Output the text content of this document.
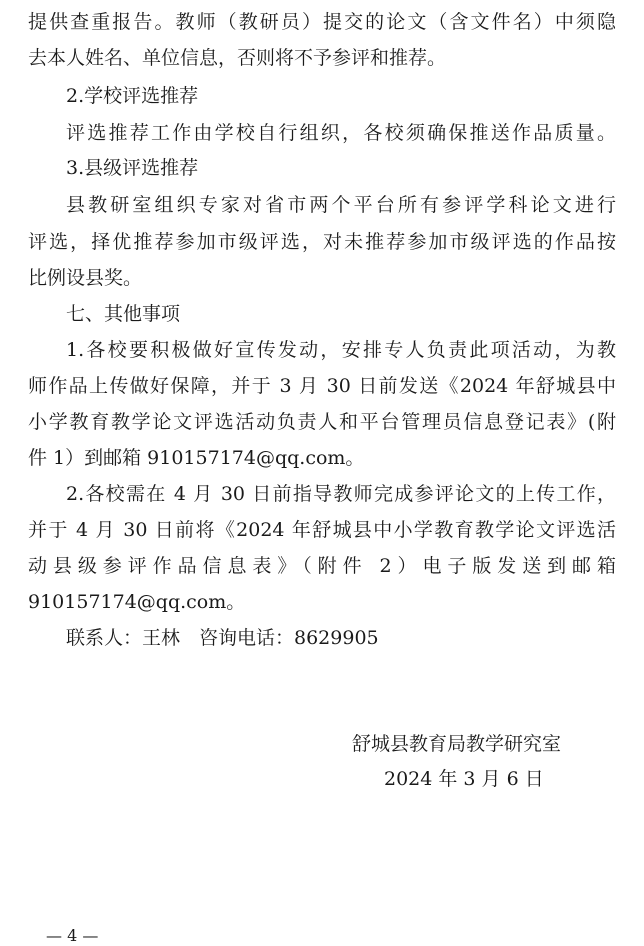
提供查重报告。教师（教研员）提交的论文（含文件名）中须隐
去本人姓名、单位信息，否则将不予参评和推荐。
2.学校评选推荐
评选推荐工作由学校自行组织，各校须确保推送作品质量。
3.县级评选推荐
县教研室组织专家对省市两个平台所有参评学科论文进行
评选，择优推荐参加市级评选，对未推荐参加市级评选的作品按
比例设县奖。
七、其他事项
1.各校要积极做好宣传发动，安排专人负责此项活动，为教
师作品上传做好保障，并于 3 月 30 日前发送《2024 年舒城县中
小学教育教学论文评选活动负责人和平台管理员信息登记表》(附
件 1）到邮箱 910157174@qq.com。
2.各校需在 4 月 30 日前指导教师完成参评论文的上传工作，
并于 4 月 30 日前将《2024 年舒城县中小学教育教学论文评选活
动县级参评作品信息表》（附件 2）电子版发送到邮箱
910157174@qq.com。
联系人：王林　咨询电话：8629905
舒城县教育局教学研究室
2024 年 3 月 6 日
— 4 —
